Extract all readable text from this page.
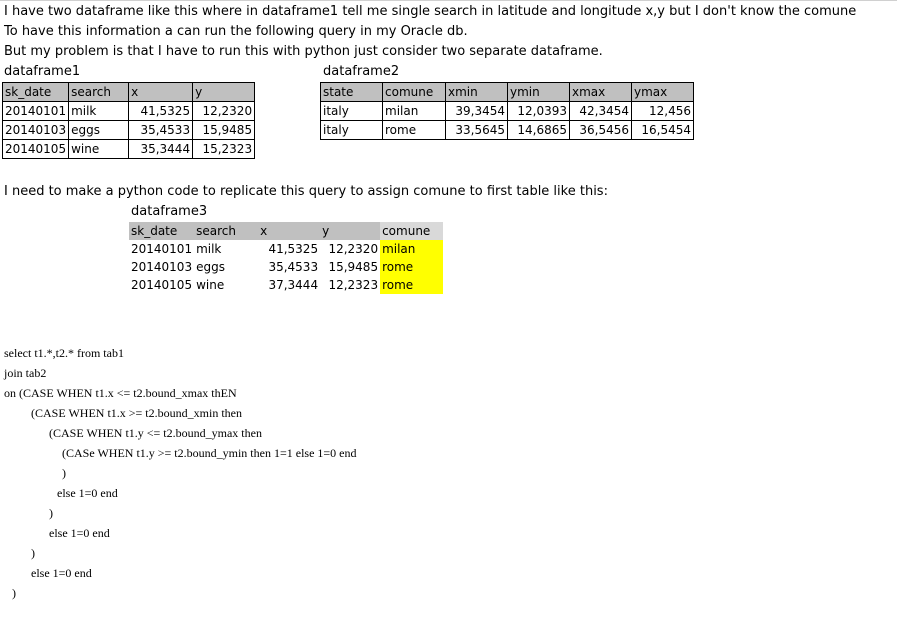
I have two dataframe like this where in dataframe1 tell me single search in latitude and longitude x,y but I don't know the comune
To have this information a can run the following query in my Oracle db.
But my problem is that I have to run this with python just consider two separate dataframe.
dataframe1
sk_date	search	x	y
20140101	milk	41,5325	12,2320
20140103	eggs	35,4533	15,9485
20140105	wine	35,3444	15,2323
dataframe2
state	comune	xmin	ymin	xmax	ymax
italy	milan	39,3454	12,0393	42,3454	12,456
italy	rome	33,5645	14,6865	36,5456	16,5454
I need to make a python code to replicate this query to assign comune to first table like this:
dataframe3
sk_date	search	x	y	comune
20140101	milk	41,5325	12,2320	milan
20140103	eggs	35,4533	15,9485	rome
20140105	wine	37,3444	12,2323	rome
select t1.*,t2.* from tab1
join tab2
on (CASE WHEN t1.x <= t2.bound_xmax thEN
(CASE WHEN t1.x >= t2.bound_xmin then
(CASE WHEN t1.y <= t2.bound_ymax then
(CASe WHEN t1.y >= t2.bound_ymin then 1=1 else 1=0 end
)
else 1=0 end
)
else 1=0 end
)
else 1=0 end
)
